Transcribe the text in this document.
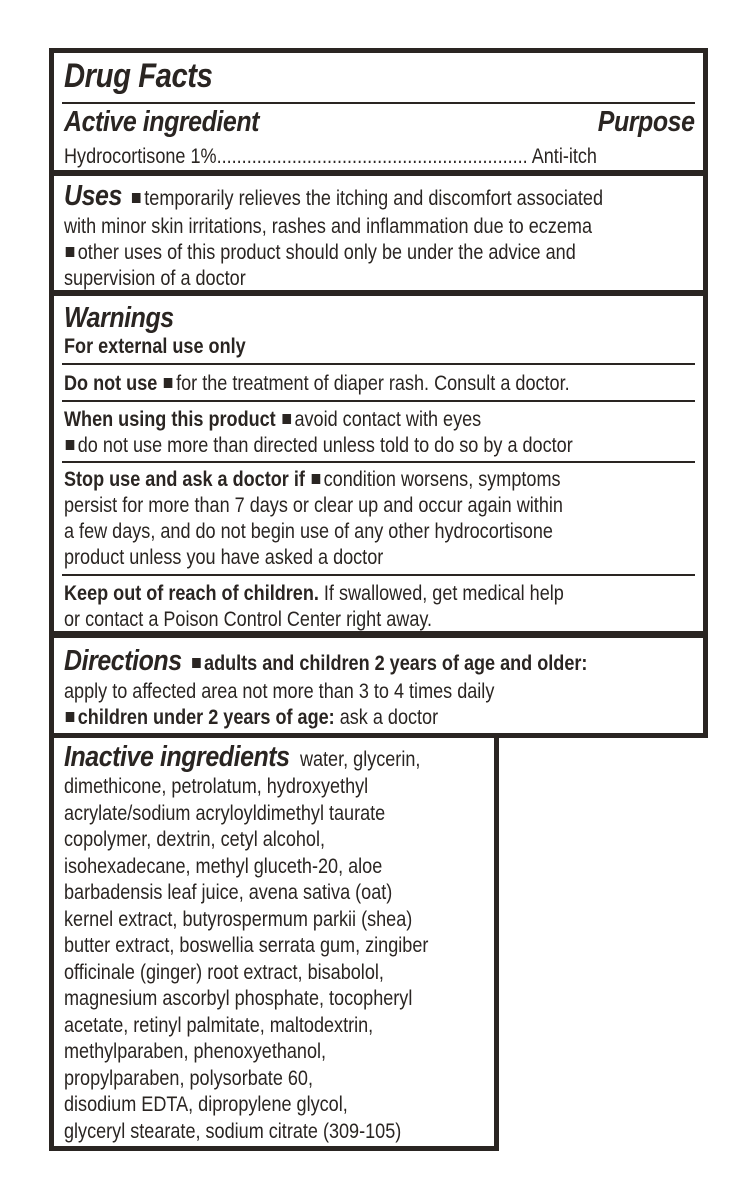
Drug Facts
Active ingredient	Purpose
Hydrocortisone 1%.............................................................. Anti-itch
Uses temporarily relieves the itching and discomfort associated
with minor skin irritations, rashes and inflammation due to eczema
other uses of this product should only be under the advice and
supervision of a doctor
Warnings
For external use only
Do not use for the treatment of diaper rash. Consult a doctor.
When using this product avoid contact with eyes
do not use more than directed unless told to do so by a doctor
Stop use and ask a doctor if condition worsens, symptoms
persist for more than 7 days or clear up and occur again within
a few days, and do not begin use of any other hydrocortisone
product unless you have asked a doctor
Keep out of reach of children. If swallowed, get medical help
or contact a Poison Control Center right away.
Directions adults and children 2 years of age and older:
apply to affected area not more than 3 to 4 times daily
children under 2 years of age: ask a doctor
Inactive ingredients water, glycerin,
dimethicone, petrolatum, hydroxyethyl
acrylate/sodium acryloyldimethyl taurate
copolymer, dextrin, cetyl alcohol,
isohexadecane, methyl gluceth-20, aloe
barbadensis leaf juice, avena sativa (oat)
kernel extract, butyrospermum parkii (shea)
butter extract, boswellia serrata gum, zingiber
officinale (ginger) root extract, bisabolol,
magnesium ascorbyl phosphate, tocopheryl
acetate, retinyl palmitate, maltodextrin,
methylparaben, phenoxyethanol,
propylparaben, polysorbate 60,
disodium EDTA, dipropylene glycol,
glyceryl stearate, sodium citrate (309-105)
